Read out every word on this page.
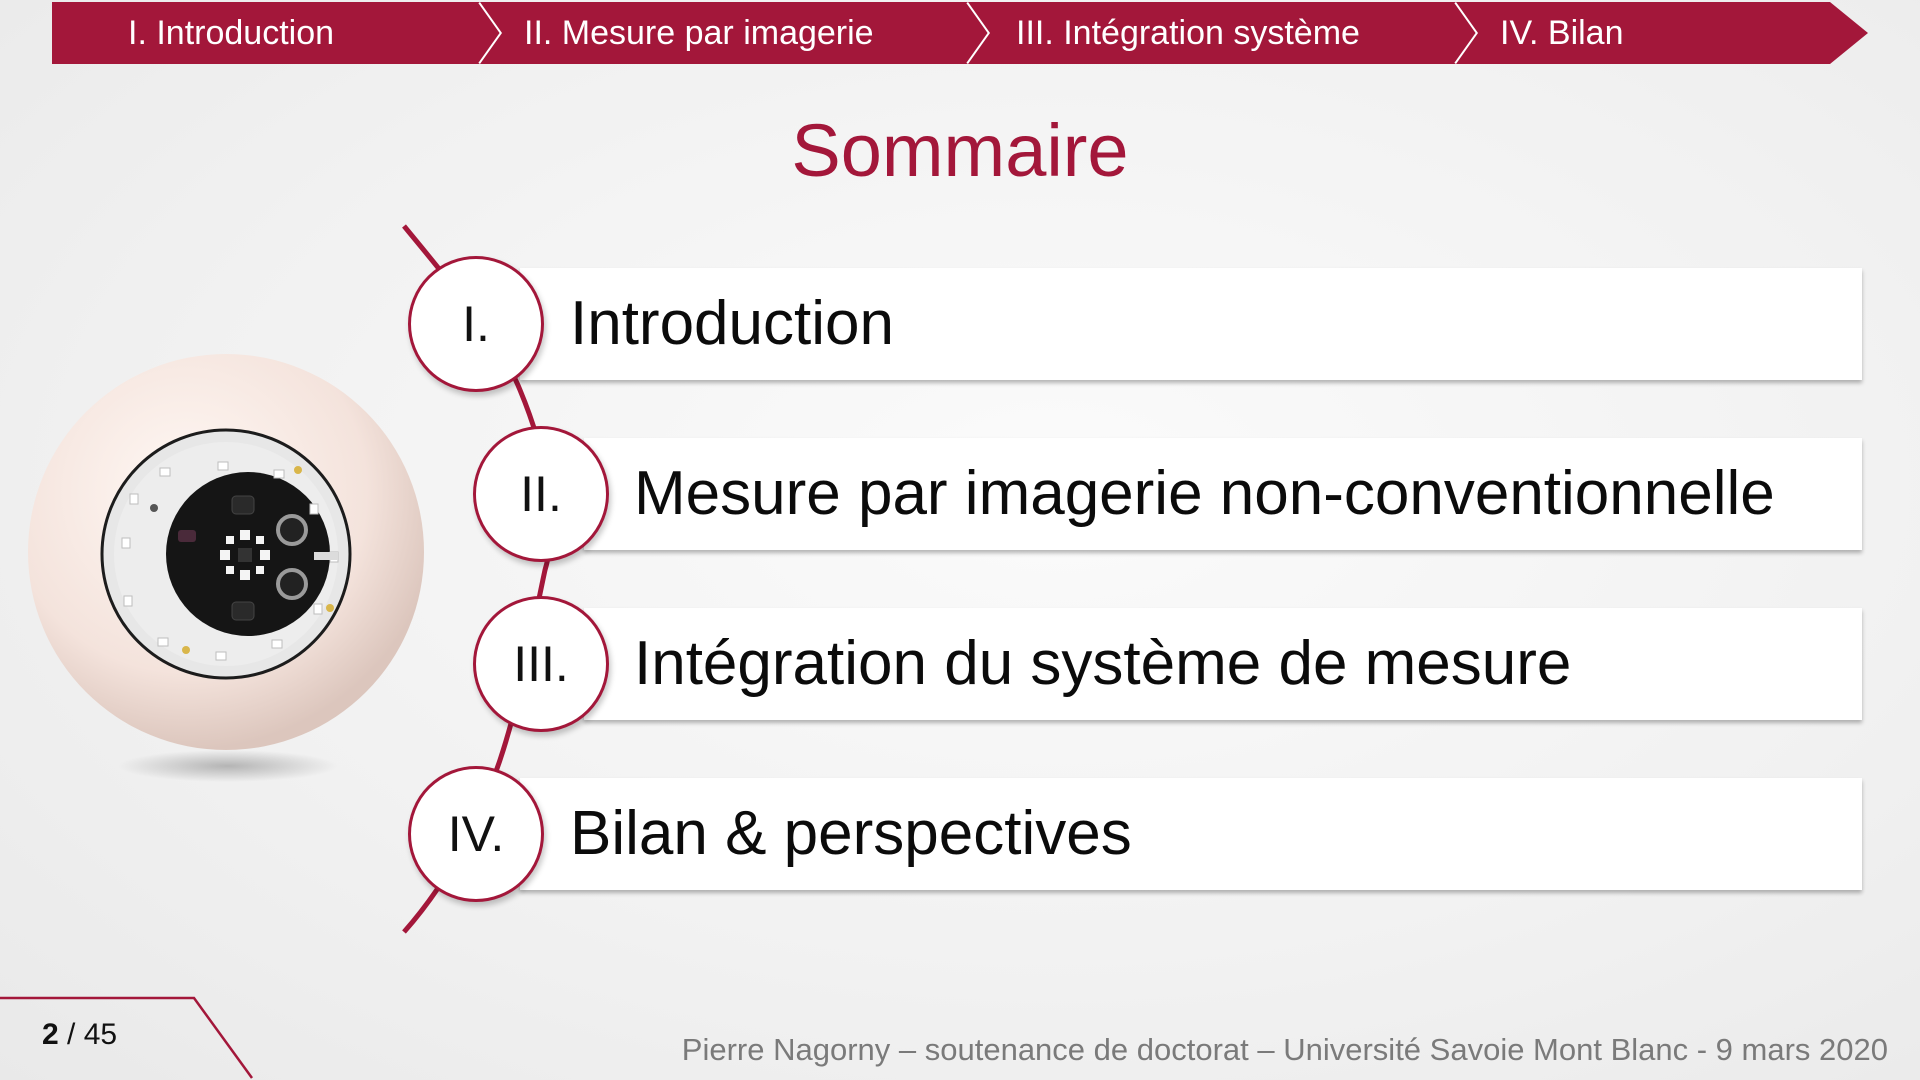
I. Introduction	II. Mesure par imagerie	III. Intégration système	IV. Bilan
Sommaire
Introduction
Mesure par imagerie non-conventionnelle
Intégration du système de mesure
Bilan & perspectives
I.
II.
III.
IV.
2 / 45	Pierre Nagorny – soutenance de doctorat – Université Savoie Mont Blanc - 9 mars 2020
